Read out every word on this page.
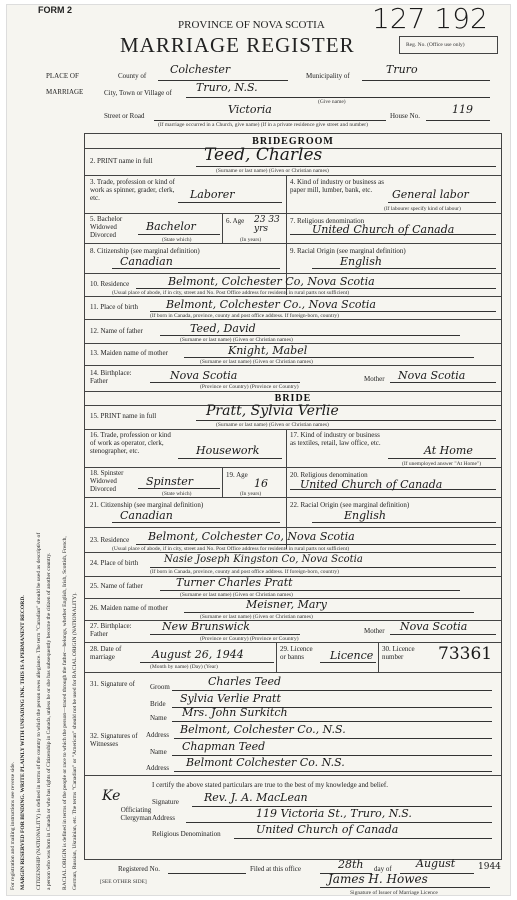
FORM 2
PROVINCE OF NOVA SCOTIA
MARRIAGE REGISTER
127 192
Reg. No. (Office use only)
PLACE OF
MARRIAGE
County of Colchester	Municipality of	Truro
City, Town or Village of Truro, N.S.
(Give name)
Street or Road	Victoria	House No.	119
(If marriage occurred in a Church, give name) (If in a private residence give street and number)
For registration and mailing instructions see reverse side. MARGIN RESERVED FOR BINDING. WRITE PLAINLY WITH UNFADING INK. THIS IS A PERMANENT RECORD. CITIZENSHIP (NATIONALITY) is defined in terms of the country to which the person owes allegiance. The term "Canadian" should be used as descriptive of a person who was born in Canada or who has rights of Citizenship in Canada, unless he or she has subsequently become the citizen of another country. RACIAL ORIGIN is defined in terms of the people or race to which the person—traced through the father—belongs, whether English, Irish, Scottish, French, German, Russian, Ukrainian, etc. The terms "Canadian" or "American" should not be used for RACIAL ORIGIN (NATIONALITY).
BRIDEGROOM
2. PRINT name in full	Teed, Charles
(Surname or last name) (Given or Christian names)
3. Trade, profession or kind of work as spinner, grader, clerk, etc.	Laborer
4. Kind of industry or business as paper mill, lumber, bank, etc.	General labor
(If labourer specify kind of labour)
5. Bachelor Widowed Divorced
Bachelor
(State which)
6. Age 23 33 yrs
(In years)
7. Religious denomination
United Church of Canada
8. Citizenship (see marginal definition)
Canadian
9. Racial Origin (see marginal definition)
English
10. Residence	Belmont, Colchester Co, Nova Scotia
(Usual place of abode, if in city, street and No. Post Office address for residents in rural parts not sufficient)
11. Place of birth	Belmont, Colchester Co., Nova Scotia
(If born in Canada, province, county and post office address. If foreign-born, country)
12. Name of father	Teed, David
(Surname or last name) (Given or Christian names)
13. Maiden name of mother	Knight, Mabel
(Surname or last name) (Given or Christian names)
14. Birthplace: Father	Nova Scotia	Mother Nova Scotia
(Province or Country) (Province or Country)
BRIDE
15. PRINT name in full	Pratt, Sylvia Verlie
(Surname or last name) (Given or Christian names)
16. Trade, profession or kind of work as operator, clerk, stenographer, etc.	Housework
17. Kind of industry or business as textiles, retail, law office, etc.
At Home
(If unemployed answer "At Home")
18. Spinster Widowed Divorced
Spinster
(State which)
19. Age
16
(In years)
20. Religious denomination
United Church of Canada
21. Citizenship (see marginal definition)
Canadian
22. Racial Origin (see marginal definition)
English
23. Residence Belmont, Colchester Co, Nova Scotia
(Usual place of abode, if in city, street and No. Post Office address for residents in rural parts not sufficient)
24. Place of birth	Nasie Joseph Kingston Co, Nova Scotia
(If born in Canada, province, county and post office address. If foreign-born, country)
25. Name of father	Turner Charles Pratt
(Surname or last name) (Given or Christian names)
26. Maiden name of mother	Meisner, Mary
(Surname or last name) (Given or Christian names)
27. Birthplace: Father
New Brunswick	Mother Nova Scotia
(Province or Country) (Province or Country)
28. Date of marriage	August 26, 1944
(Month by name) (Day) (Year)
29. Licence or banns	Licence 30. Licence number	73361
31. Signature of	Groom	Charles Teed
Bride Sylvia Verlie Pratt
32. Signatures of Witnesses
Name Mrs. John Surkitch
Address Belmont, Colchester Co., N.S.
Name Chapman Teed
Address Belmont Colchester Co. N.S.
I certify the above stated particulars are true to the best of my knowledge and belief.
Ke
Officiating Clergyman
Signature Rev. J. A. MacLean
Address	119 Victoria St., Truro, N.S.
Religious Denomination	United Church of Canada
Registered No.	Filed at this office	28th day of August	1944
James H. Howes
Signature of Issuer of Marriage Licence
[SEE OTHER SIDE]
